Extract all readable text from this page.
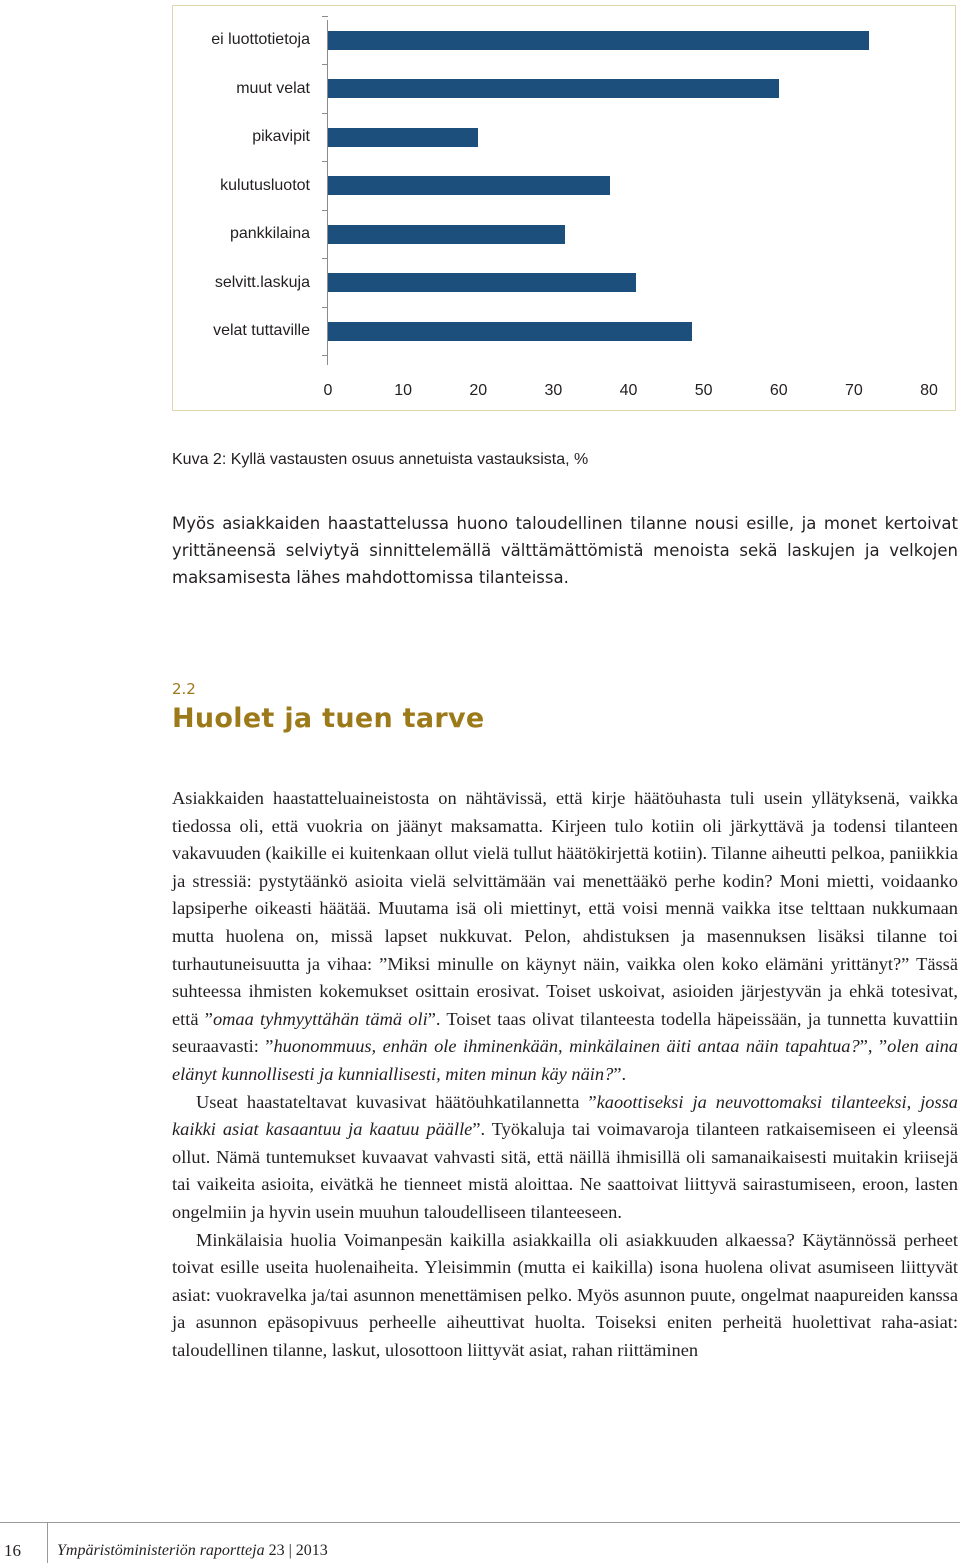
ei luottotietoja
muut velat
pikavipit
kulutusluotot
pankkilaina
selvitt.laskuja
velat tuttaville
0	10	20	30	40	50	60	70	80
Kuva 2: Kyllä vastausten osuus annetuista vastauksista, %
Myös asiakkaiden haastattelussa huono taloudellinen tilanne nousi esille, ja monet kertoivat yrittäneensä selviytyä sinnittelemällä välttämättömistä menoista sekä laskujen ja velkojen maksamisesta lähes mahdottomissa tilanteissa.
2.2
Huolet ja tuen tarve

Asiakkaiden haastatteluaineistosta on nähtävissä, että kirje häätöuhasta tuli usein yllätyksenä, vaikka tiedossa oli, että vuokria on jäänyt maksamatta. Kirjeen tulo kotiin oli järkyttävä ja todensi tilanteen vakavuuden (kaikille ei kuitenkaan ollut vielä tullut häätökirjettä kotiin). Tilanne aiheutti pelkoa, paniikkia ja stressiä: pystytäänkö asioita vielä selvittämään vai menettääkö perhe kodin? Moni mietti, voidaanko lapsiperhe oikeasti häätää. Muutama isä oli miettinyt, että voisi mennä vaikka itse telttaan nukkumaan mutta huolena on, missä lapset nukkuvat. Pelon, ahdistuksen ja masennuksen lisäksi tilanne toi turhautuneisuutta ja vihaa: ”Miksi minulle on käynyt näin, vaikka olen koko elämäni yrittänyt?” Tässä suhteessa ihmisten kokemukset osittain erosivat. Toiset uskoivat, asioiden järjestyvän ja ehkä totesivat, että ”omaa tyhmyyttähän tämä oli”. Toiset taas olivat tilanteesta todella häpeissään, ja tunnetta kuvattiin seuraavasti: ”huonommuus, enhän ole ihminenkään, minkälainen äiti antaa näin tapahtua?”, ”olen aina elänyt kunnollisesti ja kunniallisesti, miten minun käy näin?”.

Useat haastateltavat kuvasivat häätöuhkatilannetta ”kaoottiseksi ja neuvottomaksi tilanteeksi, jossa kaikki asiat kasaantuu ja kaatuu päälle”. Työkaluja tai voimavaroja tilanteen ratkaisemiseen ei yleensä ollut. Nämä tuntemukset kuvaavat vahvasti sitä, että näillä ihmisillä oli samanaikaisesti muitakin kriisejä tai vaikeita asioita, eivätkä he tienneet mistä aloittaa. Ne saattoivat liittyvä sairastumiseen, eroon, lasten ongelmiin ja hyvin usein muuhun taloudelliseen tilanteeseen.

Minkälaisia huolia Voimanpesän kaikilla asiakkailla oli asiakkuuden alkaessa? Käytännössä perheet toivat esille useita huolenaiheita. Yleisimmin (mutta ei kaikilla) isona huolena olivat asumiseen liittyvät asiat: vuokravelka ja/tai asunnon menettämisen pelko. Myös asunnon puute, ongelmat naapureiden kanssa ja asunnon epäsopivuus perheelle aiheuttivat huolta. Toiseksi eniten perheitä huolettivat raha-asiat: taloudellinen tilanne, laskut, ulosottoon liittyvät asiat, rahan riittäminen

16 Ympäristöministeriön raportteja 23 | 2013
